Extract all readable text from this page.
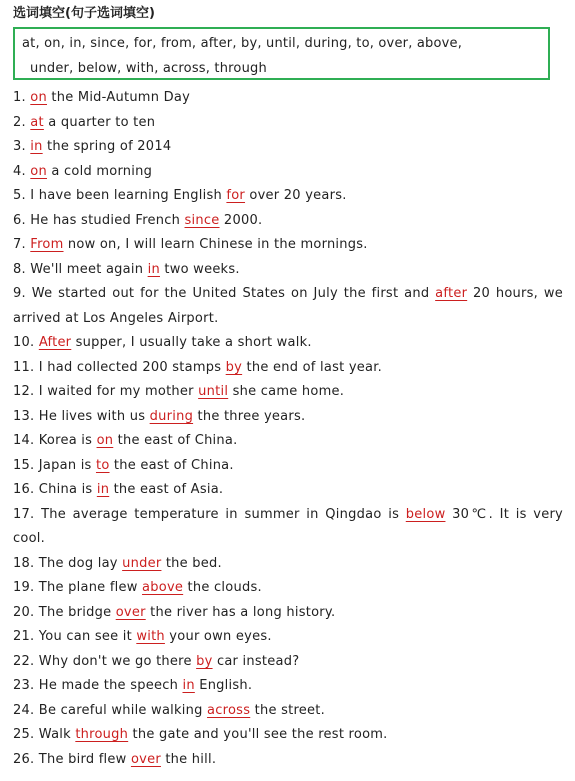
选词填空(句子选词填空)
at, on, in, since, for, from, after, by, until, during, to, over, above,
under, below, with, across, through
1. on the Mid-Autumn Day
2. at a quarter to ten
3. in the spring of 2014
4. on a cold morning
5. I have been learning English for over 20 years.
6. He has studied French since 2000.
7. From now on, I will learn Chinese in the mornings.
8. We'll meet again in two weeks.
9. We started out for the United States on July the first and after 20 hours, we arrived at Los Angeles Airport.
10. After supper, I usually take a short walk.
11. I had collected 200 stamps by the end of last year.
12. I waited for my mother until she came home.
13. He lives with us during the three years.
14. Korea is on the east of China.
15. Japan is to the east of China.
16. China is in the east of Asia.
17. The average temperature in summer in Qingdao is below 30℃. It is very cool.
18. The dog lay under the bed.
19. The plane flew above the clouds.
20. The bridge over the river has a long history.
21. You can see it with your own eyes.
22. Why don't we go there by car instead?
23. He made the speech in English.
24. Be careful while walking across the street.
25. Walk through the gate and you'll see the rest room.
26. The bird flew over the hill.
